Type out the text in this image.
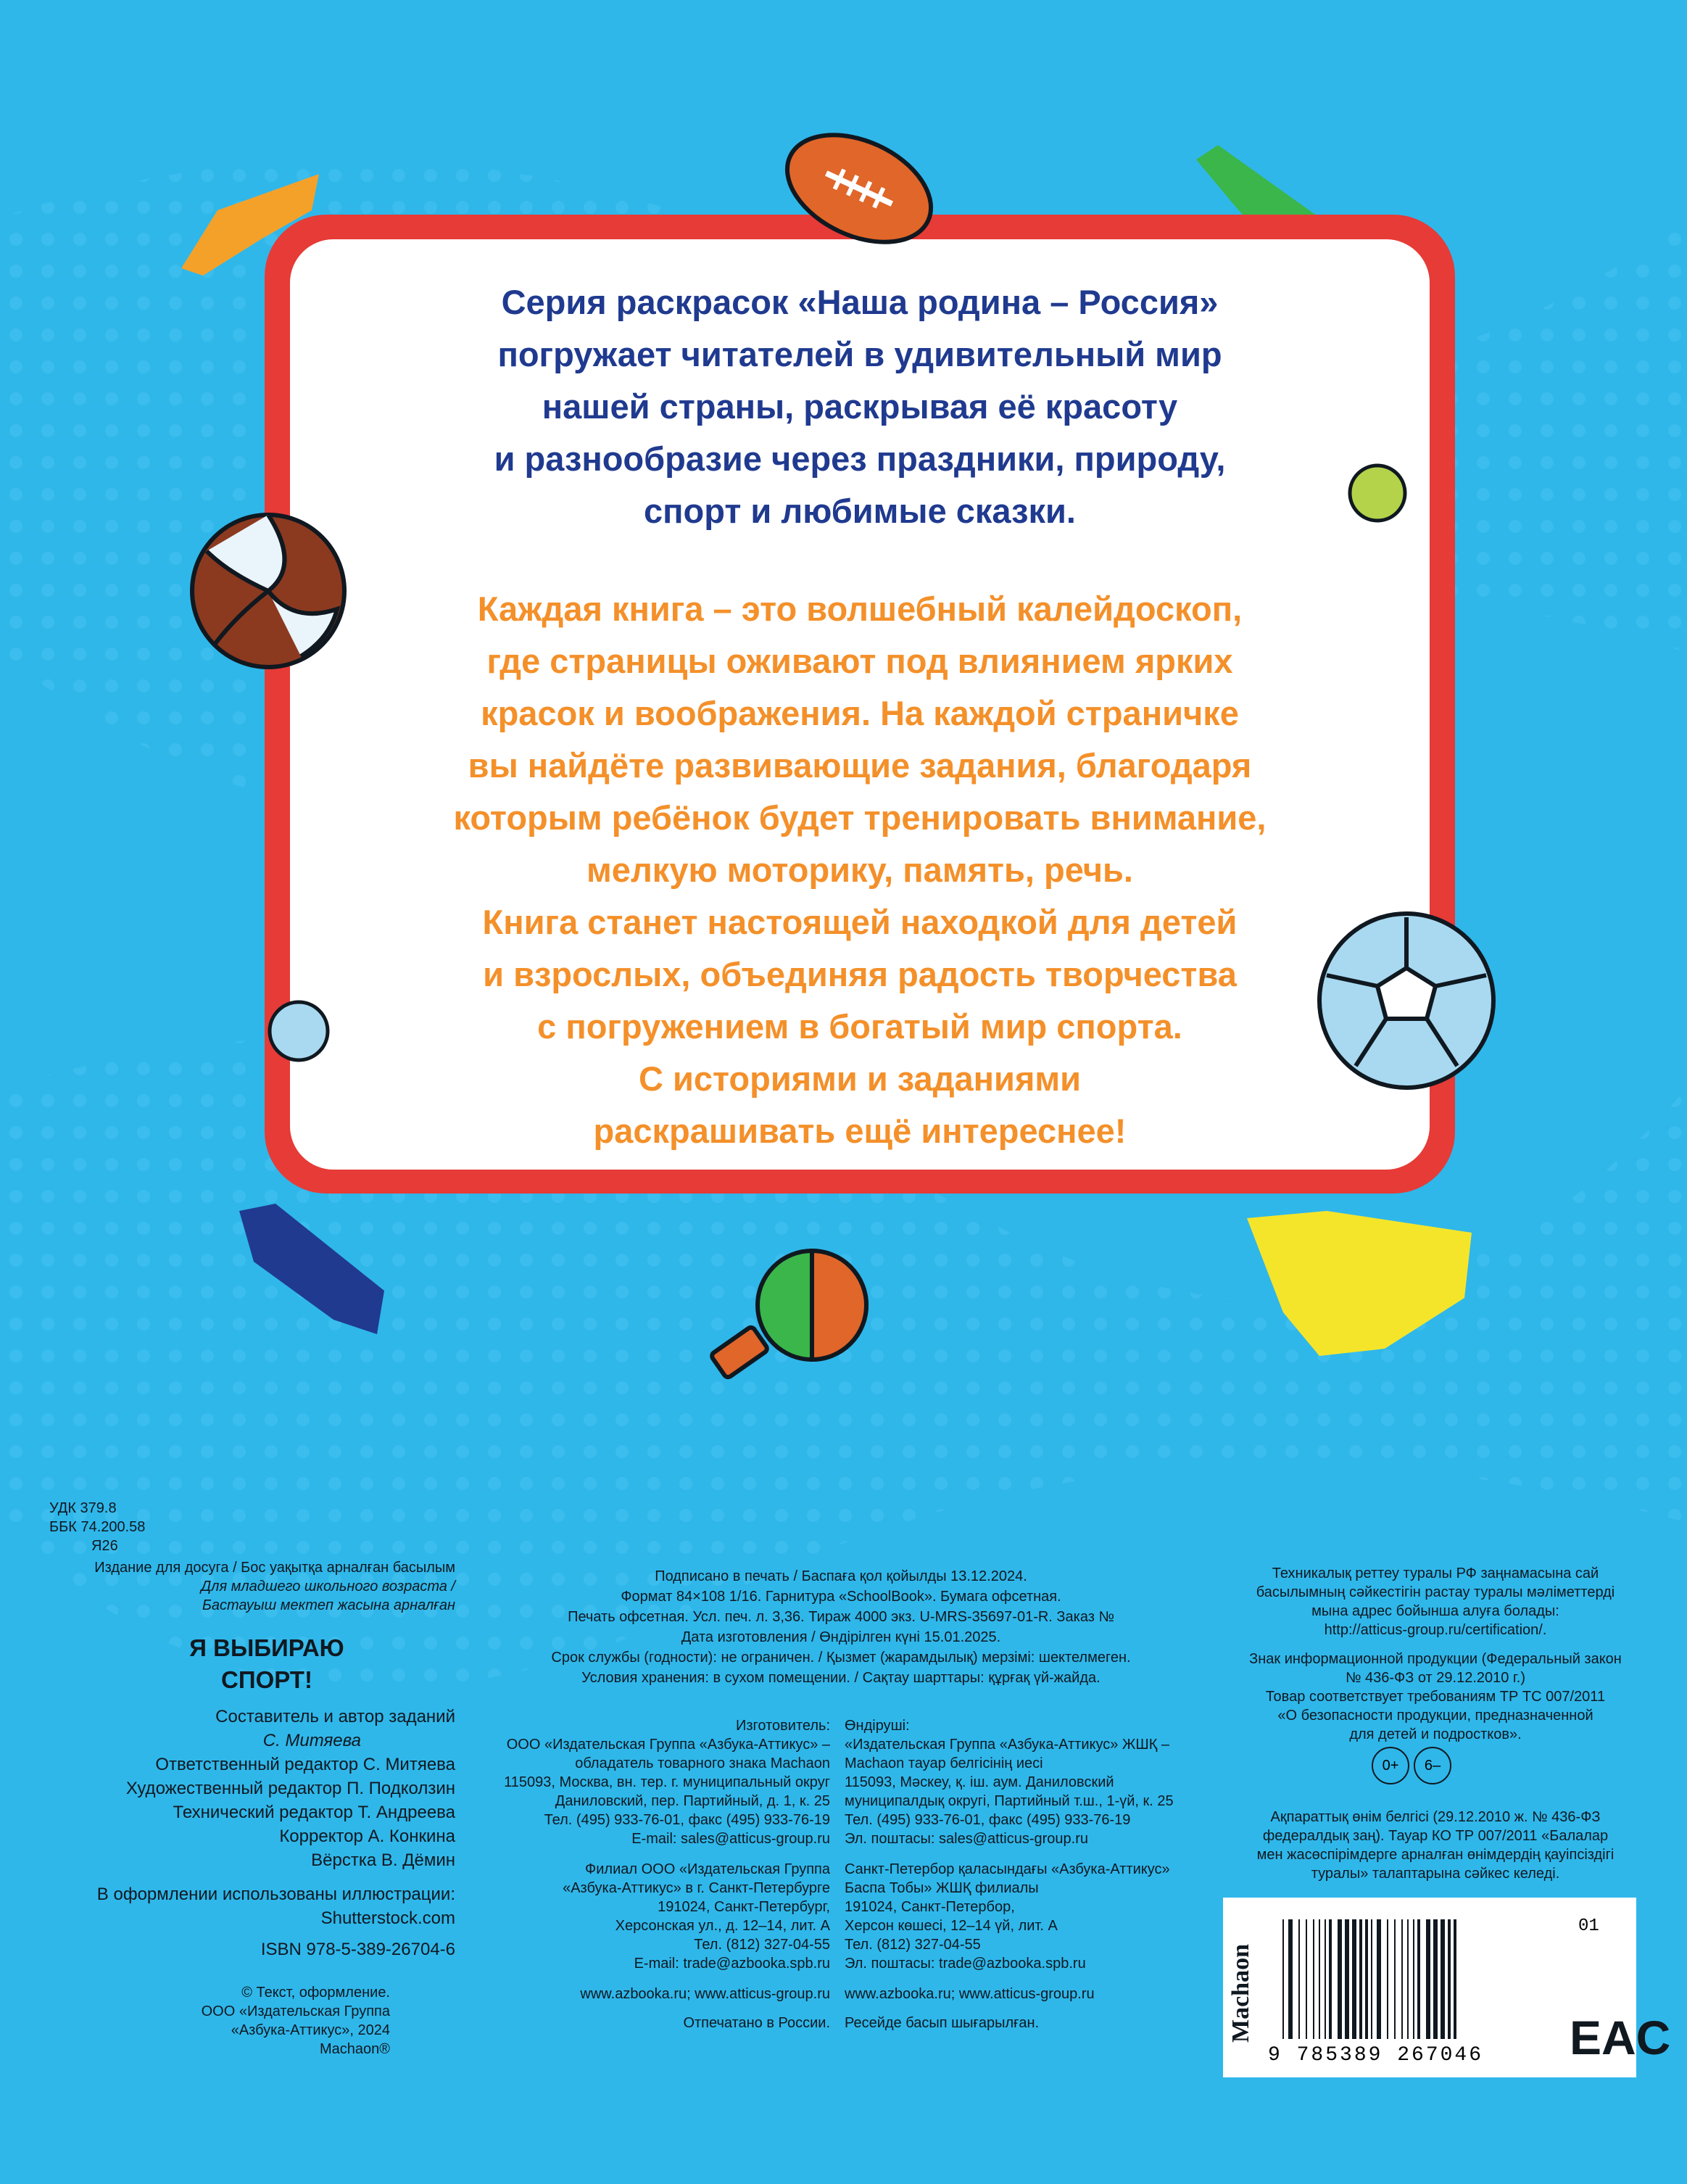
Серия раскрасок «Наша родина – Россия»
погружает читателей в удивительный мир
нашей страны, раскрывая её красоту
и разнообразие через праздники, природу,
спорт и любимые сказки.
Каждая книга – это волшебный калейдоскоп,
где страницы оживают под влиянием ярких
красок и воображения. На каждой страничке
вы найдёте развивающие задания, благодаря
которым ребёнок будет тренировать внимание,
мелкую моторику, память, речь.
Книга станет настоящей находкой для детей
и взрослых, объединяя радость творчества
с погружением в богатый мир спорта.
С историями и заданиями
раскрашивать ещё интереснее!
УДК 379.8
ББК 74.200.58
Я26
Издание для досуга / Бос уақытқа арналған басылым
Для младшего школьного возраста /
Бастауыш мектеп жасына арналған
Я ВЫБИРАЮ
СПОРТ!
Составитель и автор заданий
С. Митяева
Ответственный редактор С. Митяева
Художественный редактор П. Подколзин
Технический редактор Т. Андреева
Корректор А. Конкина
Вёрстка В. Дёмин
В оформлении использованы иллюстрации:
Shutterstock.com
ISBN 978-5-389-26704-6
© Текст, оформление.
ООО «Издательская Группа
«Азбука-Аттикус», 2024
Machaon®
Подписано в печать / Баспаға қол қойылды 13.12.2024.
Формат 84×108 1/16. Гарнитура «SchoolBook». Бумага офсетная.
Печать офсетная. Усл. печ. л. 3,36. Тираж 4000 экз. U-MRS-35697-01-R. Заказ №
Дата изготовления / Өндірілген күні 15.01.2025.
Срок службы (годности): не ограничен. / Қызмет (жарамдылық) мерзімі: шектелмеген.
Условия хранения: в сухом помещении. / Сақтау шарттары: құрғақ үй-жайда.
Изготовитель:
ООО «Издательская Группа «Азбука-Аттикус» –
обладатель товарного знака Machaon
115093, Москва, вн. тер. г. муниципальный округ
Даниловский, пер. Партийный, д. 1, к. 25
Тел. (495) 933-76-01, факс (495) 933-76-19
E-mail: sales@atticus-group.ru
Филиал ООО «Издательская Группа
«Азбука-Аттикус» в г. Санкт-Петербурге
191024, Санкт-Петербург,
Херсонская ул., д. 12–14, лит. А
Тел. (812) 327-04-55
E-mail: trade@azbooka.spb.ru
www.azbooka.ru; www.atticus-group.ru
Отпечатано в России.
Өндіруші:
«Издательская Группа «Азбука-Аттикус» ЖШҚ –
Machaon тауар белгісінің иесі
115093, Мәскеу, қ. іш. аум. Даниловский
муниципалдық округі, Партийный т.ш., 1-үй, к. 25
Тел. (495) 933-76-01, факс (495) 933-76-19
Эл. поштасы: sales@atticus-group.ru
Санкт-Петербор қаласындағы «Азбука-Аттикус»
Баспа Тобы» ЖШҚ филиалы
191024, Санкт-Петербор,
Херсон көшесі, 12–14 үй, лит. А
Тел. (812) 327-04-55
Эл. поштасы: trade@azbooka.spb.ru
www.azbooka.ru; www.atticus-group.ru
Ресейде басып шығарылған.
Техникалық реттеу туралы РФ заңнамасына сай
басылымның сәйкестігін растау туралы мәліметтерді
мына адрес бойынша алуға болады:
http://atticus-group.ru/certification/.
Знак информационной продукции (Федеральный закон
№ 436-ФЗ от 29.12.2010 г.)
Товар соответствует требованиям ТР ТС 007/2011
«О безопасности продукции, предназначенной
для детей и подростков».
0+	6–
Ақпараттық өнім белгісі (29.12.2010 ж. № 436-ФЗ
федералдық заң). Тауар КО ТР 007/2011 «Балалар
мен жасөспірімдерге арналған өнімдердің қауіпсіздігі
туралы» талаптарына сәйкес келеді.
Machaon
01
9 785389 267046 EAC
